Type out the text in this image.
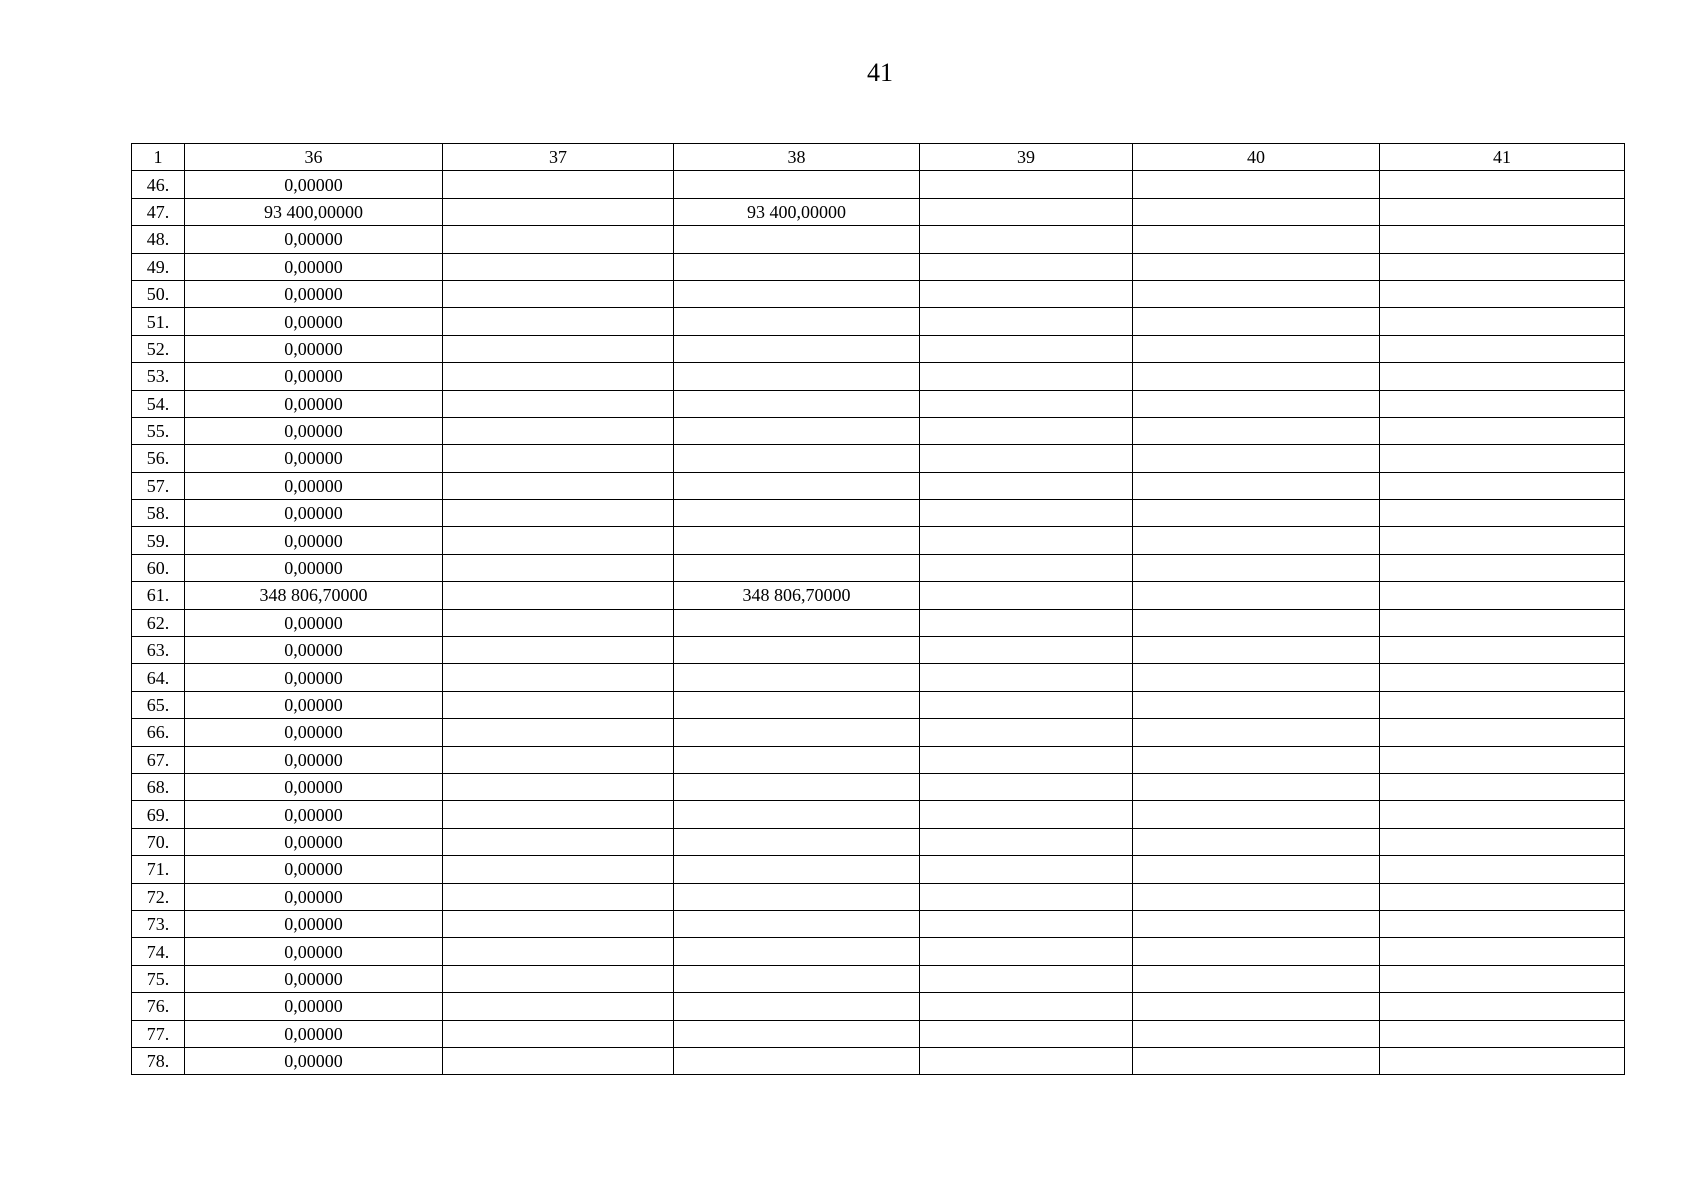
41
1	36	37	38	39	40	41
46.	0,00000					
47.	93 400,00000		93 400,00000			
48.	0,00000					
49.	0,00000					
50.	0,00000					
51.	0,00000					
52.	0,00000					
53.	0,00000					
54.	0,00000					
55.	0,00000					
56.	0,00000					
57.	0,00000					
58.	0,00000					
59.	0,00000					
60.	0,00000					
61.	348 806,70000		348 806,70000			
62.	0,00000					
63.	0,00000					
64.	0,00000					
65.	0,00000					
66.	0,00000					
67.	0,00000					
68.	0,00000					
69.	0,00000					
70.	0,00000					
71.	0,00000					
72.	0,00000					
73.	0,00000					
74.	0,00000					
75.	0,00000					
76.	0,00000					
77.	0,00000					
78.	0,00000					
